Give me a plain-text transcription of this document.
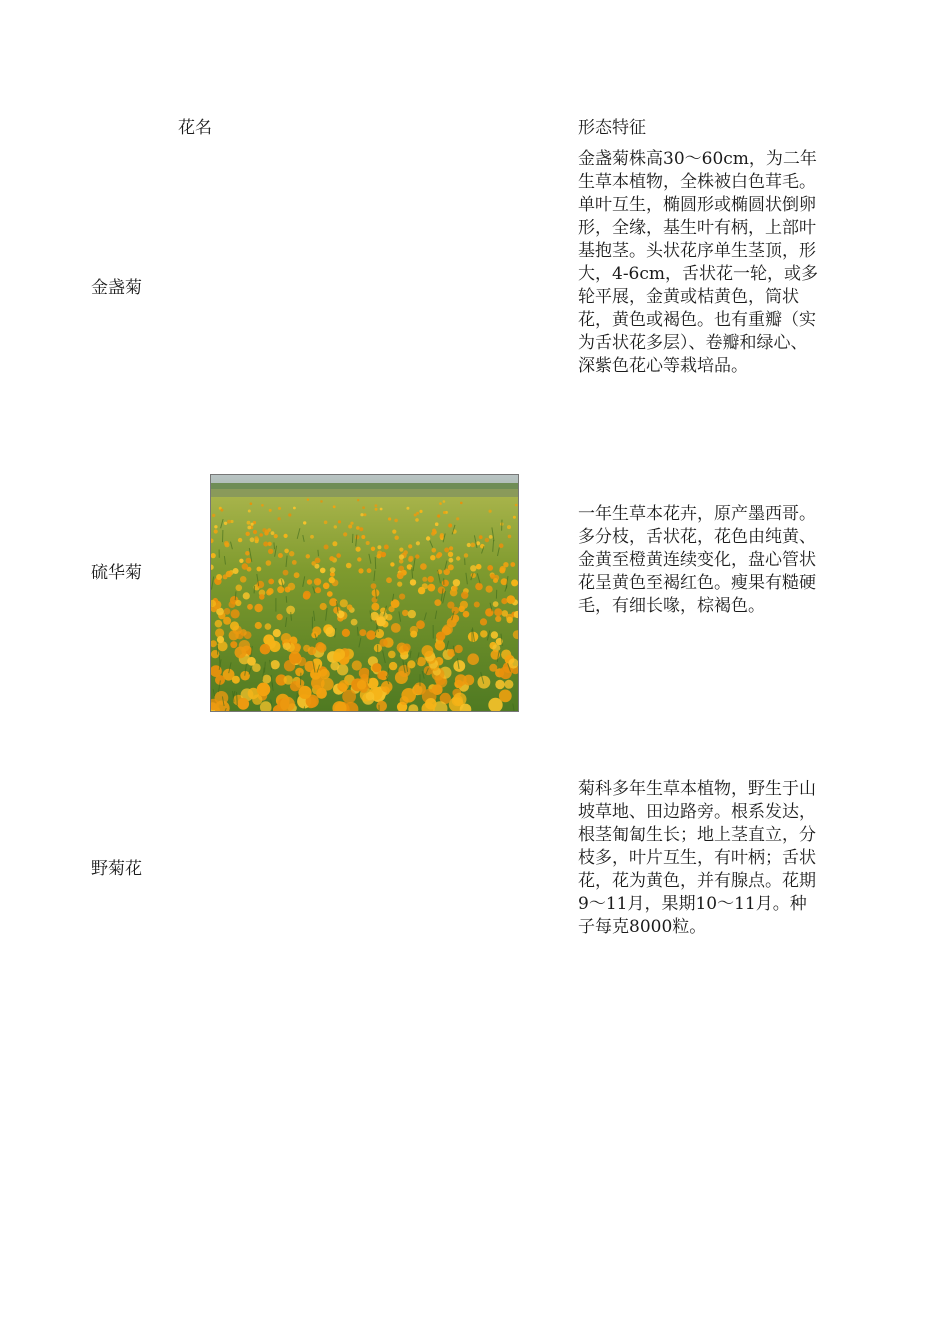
花名	形态特征
金盏菊
金盏菊株高30～60cm，为二年生草本植物，全株被白色茸毛。单叶互生，椭圆形或椭圆状倒卵形，全缘，基生叶有柄，上部叶基抱茎。头状花序单生茎顶，形大，4-6cm，舌状花一轮，或多轮平展，金黄或桔黄色，筒状花，黄色或褐色。也有重瓣（实为舌状花多层）、卷瓣和绿心、深紫色花心等栽培品。
硫华菊
一年生草本花卉，原产墨西哥。多分枝，舌状花，花色由纯黄、金黄至橙黄连续变化，盘心管状花呈黄色至褐红色。瘦果有糙硬毛，有细长喙，棕褐色。
野菊花
菊科多年生草本植物，野生于山坡草地、田边路旁。根系发达，根茎匍匐生长；地上茎直立，分枝多，叶片互生，有叶柄；舌状花，花为黄色，并有腺点。花期9～11月，果期10～11月。种子每克8000粒。
